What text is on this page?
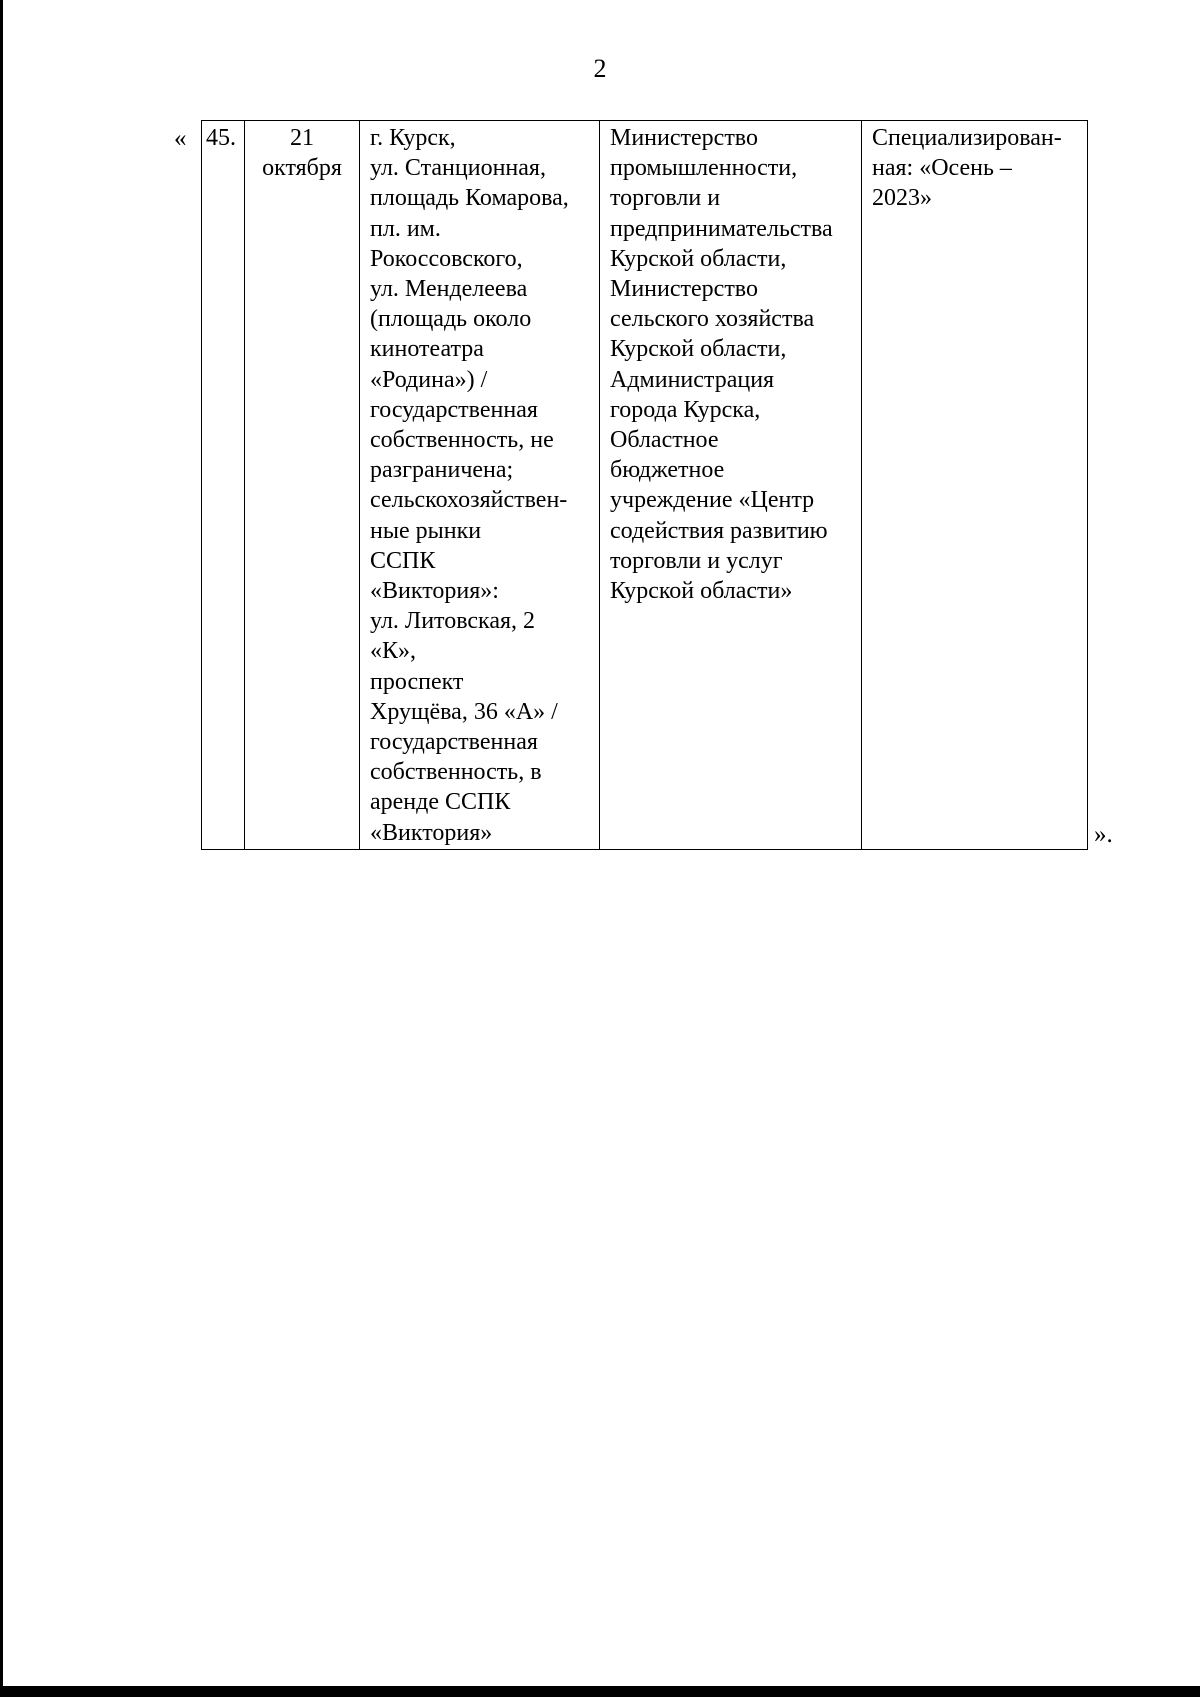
2
« 45.	21
октября

г. Курск,
ул. Станционная,
площадь Комарова,
пл. им.
Рокоссовского,
ул. Менделеева
(площадь около
кинотеатра
«Родина») /
государственная
собственность, не
разграничена;
сельскохозяйствен-
ные рынки
ССПК
«Виктория»:
ул. Литовская, 2
«К»,
проспект
Хрущёва, 36 «А» /
государственная
собственность, в
аренде ССПК
«Виктория»

Министерство
промышленности,
торговли и
предпринимательства
Курской области,
Министерство
сельского хозяйства
Курской области,
Администрация
города Курска,
Областное
бюджетное
учреждение «Центр
содействия развитию
торговли и услуг
Курской области»

Специализирован-
ная: «Осень –
2023»
».
